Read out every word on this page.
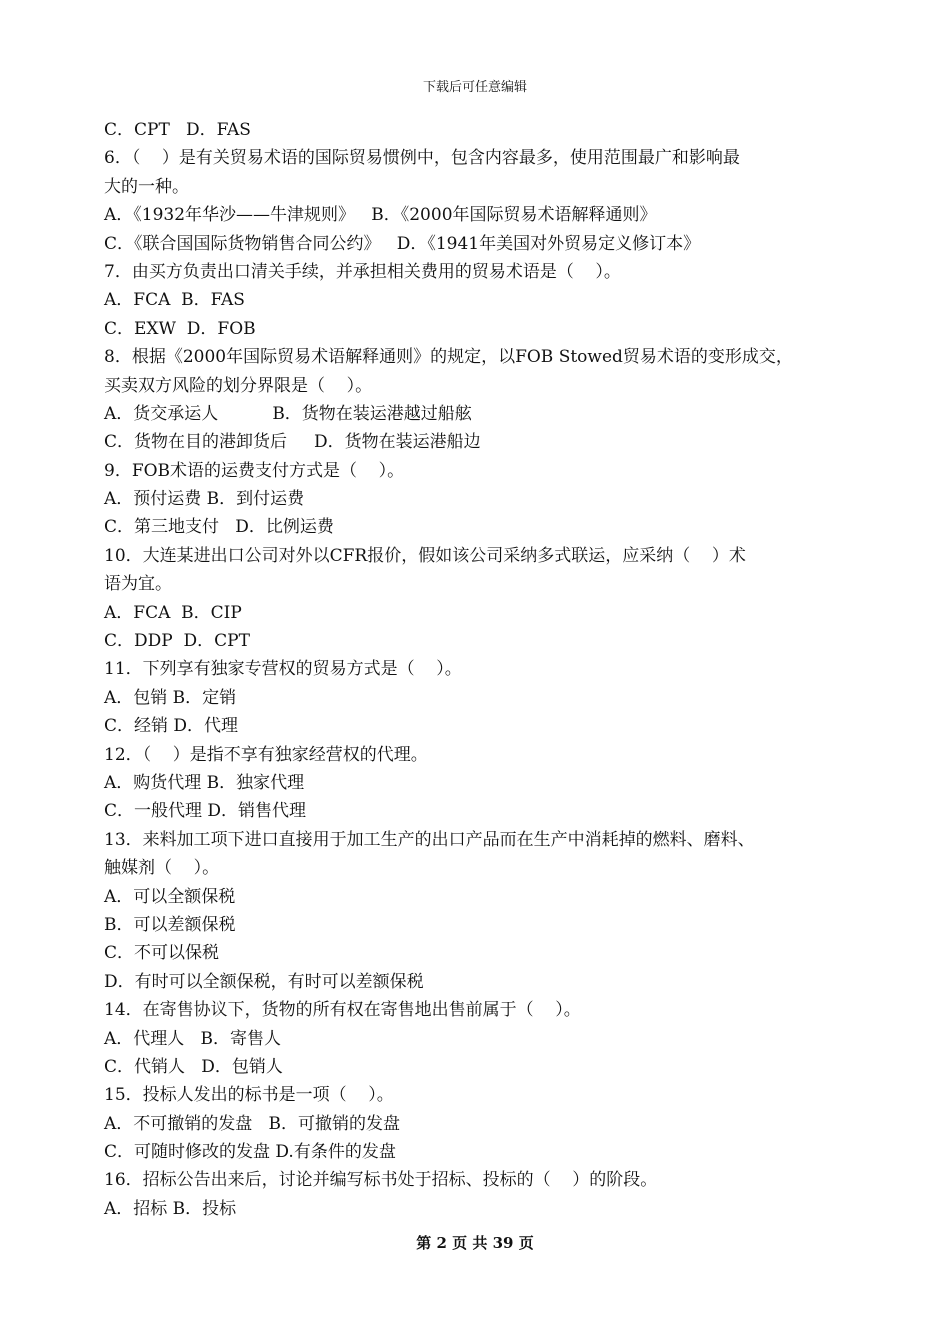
下载后可任意编辑
C．CPT   D．FAS
6．（    ）是有关贸易术语的国际贸易惯例中，包含内容最多，使用范围最广和影响最
大的一种。
A．《1932年华沙——牛津规则》   B．《2000年国际贸易术语解释通则》
C．《联合国国际货物销售合同公约》   D．《1941年美国对外贸易定义修订本》
7．由买方负责出口清关手续，并承担相关费用的贸易术语是（    ）。
A．FCA  B．FAS
C．EXW  D．FOB
8．根据《2000年国际贸易术语解释通则》的规定，以FOB Stowed贸易术语的变形成交，
买卖双方风险的划分界限是（    ）。
A．货交承运人          B．货物在装运港越过船舷
C．货物在目的港卸货后     D．货物在装运港船边
9．FOB术语的运费支付方式是（    ）。
A．预付运费 B．到付运费
C．第三地支付   D．比例运费
10．大连某进出口公司对外以CFR报价，假如该公司采纳多式联运，应采纳（    ）术
语为宜。
A．FCA  B．CIP
C．DDP  D．CPT
11．下列享有独家专营权的贸易方式是（    ）。
A．包销 B．定销
C．经销 D．代理
12．（    ）是指不享有独家经营权的代理。
A．购货代理 B．独家代理
C．一般代理 D．销售代理
13．来料加工项下进口直接用于加工生产的出口产品而在生产中消耗掉的燃料、磨料、
触媒剂（    ）。
A．可以全额保税
B．可以差额保税
C．不可以保税
D．有时可以全额保税，有时可以差额保税
14．在寄售协议下，货物的所有权在寄售地出售前属于（    ）。
A．代理人   B．寄售人
C．代销人   D．包销人
15．投标人发出的标书是一项（    ）。
A．不可撤销的发盘   B．可撤销的发盘
C．可随时修改的发盘 D.有条件的发盘
16．招标公告出来后，讨论并编写标书处于招标、投标的（    ）的阶段。
A．招标 B．投标
第 2 页 共 39 页
